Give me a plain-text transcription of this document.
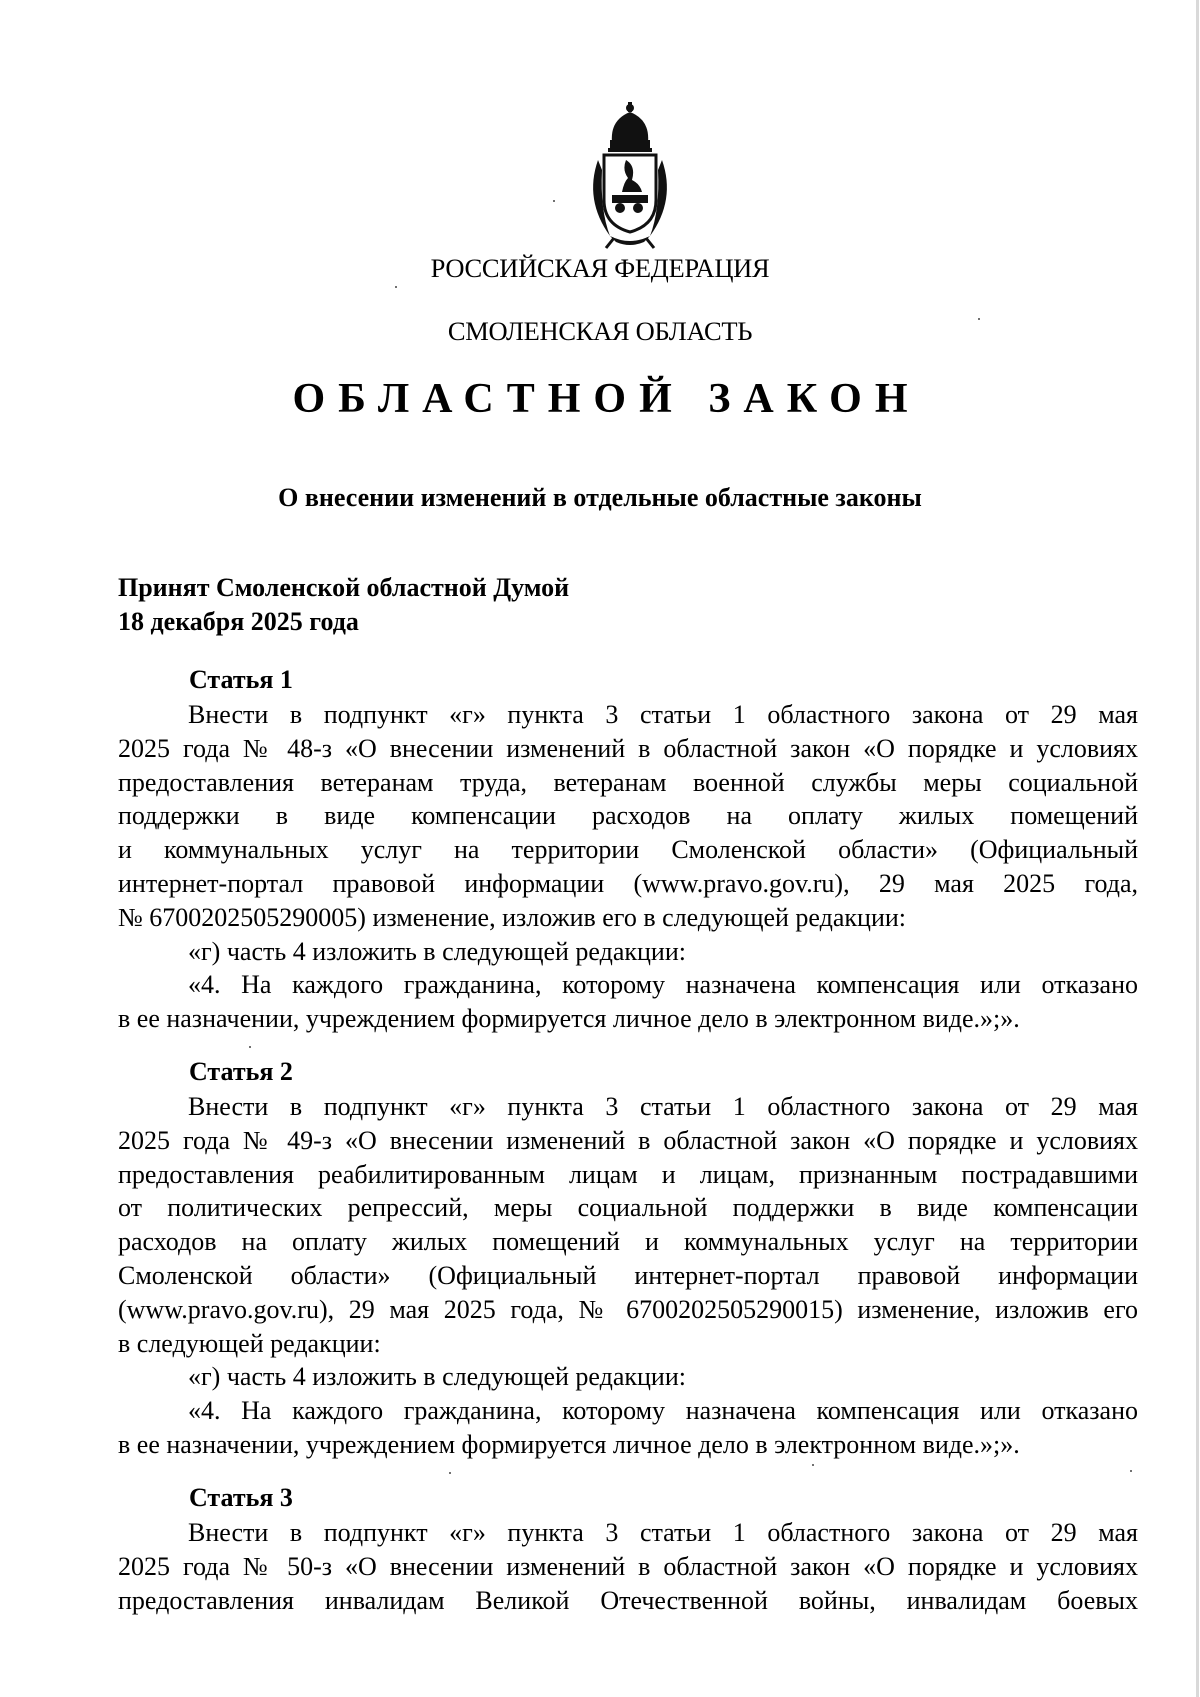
РОССИЙСКАЯ ФЕДЕРАЦИЯ
СМОЛЕНСКАЯ ОБЛАСТЬ
ОБЛАСТНОЙ ЗАКОН
О внесении изменений в отдельные областные законы
Принят Смоленской областной Думой
18 декабря 2025 года
Статья 1
Внести в подпункт «г» пункта 3 статьи 1 областного закона от 29 мая
2025 года № 48-з «О внесении изменений в областной закон «О порядке и условиях
предоставления ветеранам труда, ветеранам военной службы меры социальной
поддержки в виде компенсации расходов на оплату жилых помещений
и коммунальных услуг на территории Смоленской области» (Официальный
интернет-портал правовой информации (www.pravo.gov.ru), 29 мая 2025 года,
№ 6700202505290005) изменение, изложив его в следующей редакции:
«г) часть 4 изложить в следующей редакции:
«4. На каждого гражданина, которому назначена компенсация или отказано
в ее назначении, учреждением формируется личное дело в электронном виде.»;».
Статья 2
Внести в подпункт «г» пункта 3 статьи 1 областного закона от 29 мая
2025 года № 49-з «О внесении изменений в областной закон «О порядке и условиях
предоставления реабилитированным лицам и лицам, признанным пострадавшими
от политических репрессий, меры социальной поддержки в виде компенсации
расходов на оплату жилых помещений и коммунальных услуг на территории
Смоленской области» (Официальный интернет-портал правовой информации
(www.pravo.gov.ru), 29 мая 2025 года, № 6700202505290015) изменение, изложив его
в следующей редакции:
«г) часть 4 изложить в следующей редакции:
«4. На каждого гражданина, которому назначена компенсация или отказано
в ее назначении, учреждением формируется личное дело в электронном виде.»;».
Статья 3
Внести в подпункт «г» пункта 3 статьи 1 областного закона от 29 мая
2025 года № 50-з «О внесении изменений в областной закон «О порядке и условиях
предоставления инвалидам Великой Отечественной войны, инвалидам боевых
